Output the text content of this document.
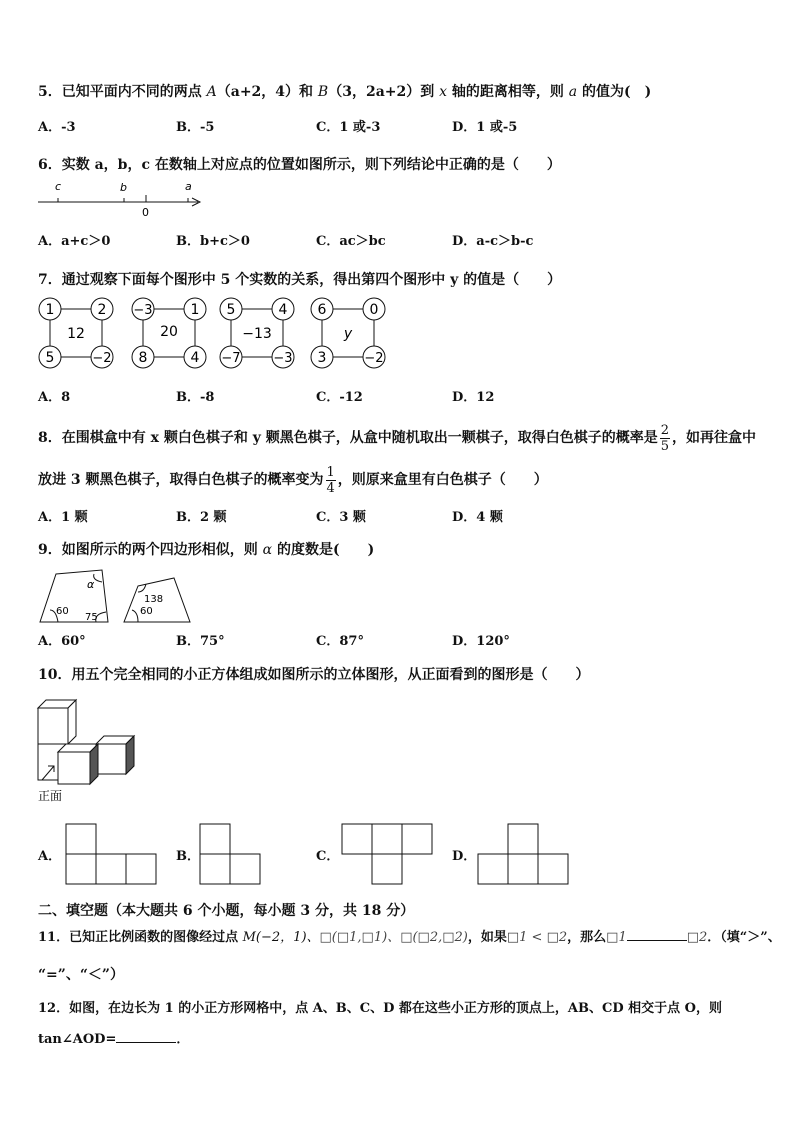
5．已知平面内不同的两点 A（a+2，4）和 B（3，2a+2）到 x 轴的距离相等，则 a 的值为(　)
A．-3	B．-5	C．1 或-3	D．1 或-5
6．实数 a，b，c 在数轴上对应点的位置如图所示，则下列结论中正确的是（　　）
c	b
0
a
A．a+c＞0	B．b+c＞0	C．ac＞bc	D．a-c＞b-c
7．通过观察下面每个图形中 5 个实数的关系，得出第四个图形中 y 的值是（　　）
1	2
5	−2
12
−3	1
8	4
20
5	4
−7	−3
−13
6	0
3	−2
y
A．8	B．-8	C．-12	D．12
8．在围棋盒中有 x 颗白色棋子和 y 颗黑色棋子，从盒中随机取出一颗棋子，取得白色棋子的概率是 $\frac{2}{5}$ ，如再往盒中
放进 3 颗黑色棋子，取得白色棋子的概率变为 $\frac{1}{4}$ ，则原来盒里有白色棋子（　　）
A．1 颗	B．2 颗	C．3 颗	D．4 颗
9．如图所示的两个四边形相似，则 α 的度数是(　　)
α
60
75
138
60
A．60°	B．75°	C．87°	D．120°
10．用五个完全相同的小正方体组成如图所示的立体图形，从正面看到的图形是（　　）
正面
A．	B．	C．	D．
二、填空题（本大题共 6 个小题，每小题 3 分，共 18 分）
11．已知正比例函数的图像经过点 M(−2，1)、□(□1,□1)、□(□2,□2)，如果□1 < □2，那么□1	□2．（填“＞”、
“=”、“＜”）
12．如图，在边长为 1 的小正方形网格中，点 A、B、C、D 都在这些小正方形的顶点上，AB、CD 相交于点 O，则
tan∠AOD=	．
